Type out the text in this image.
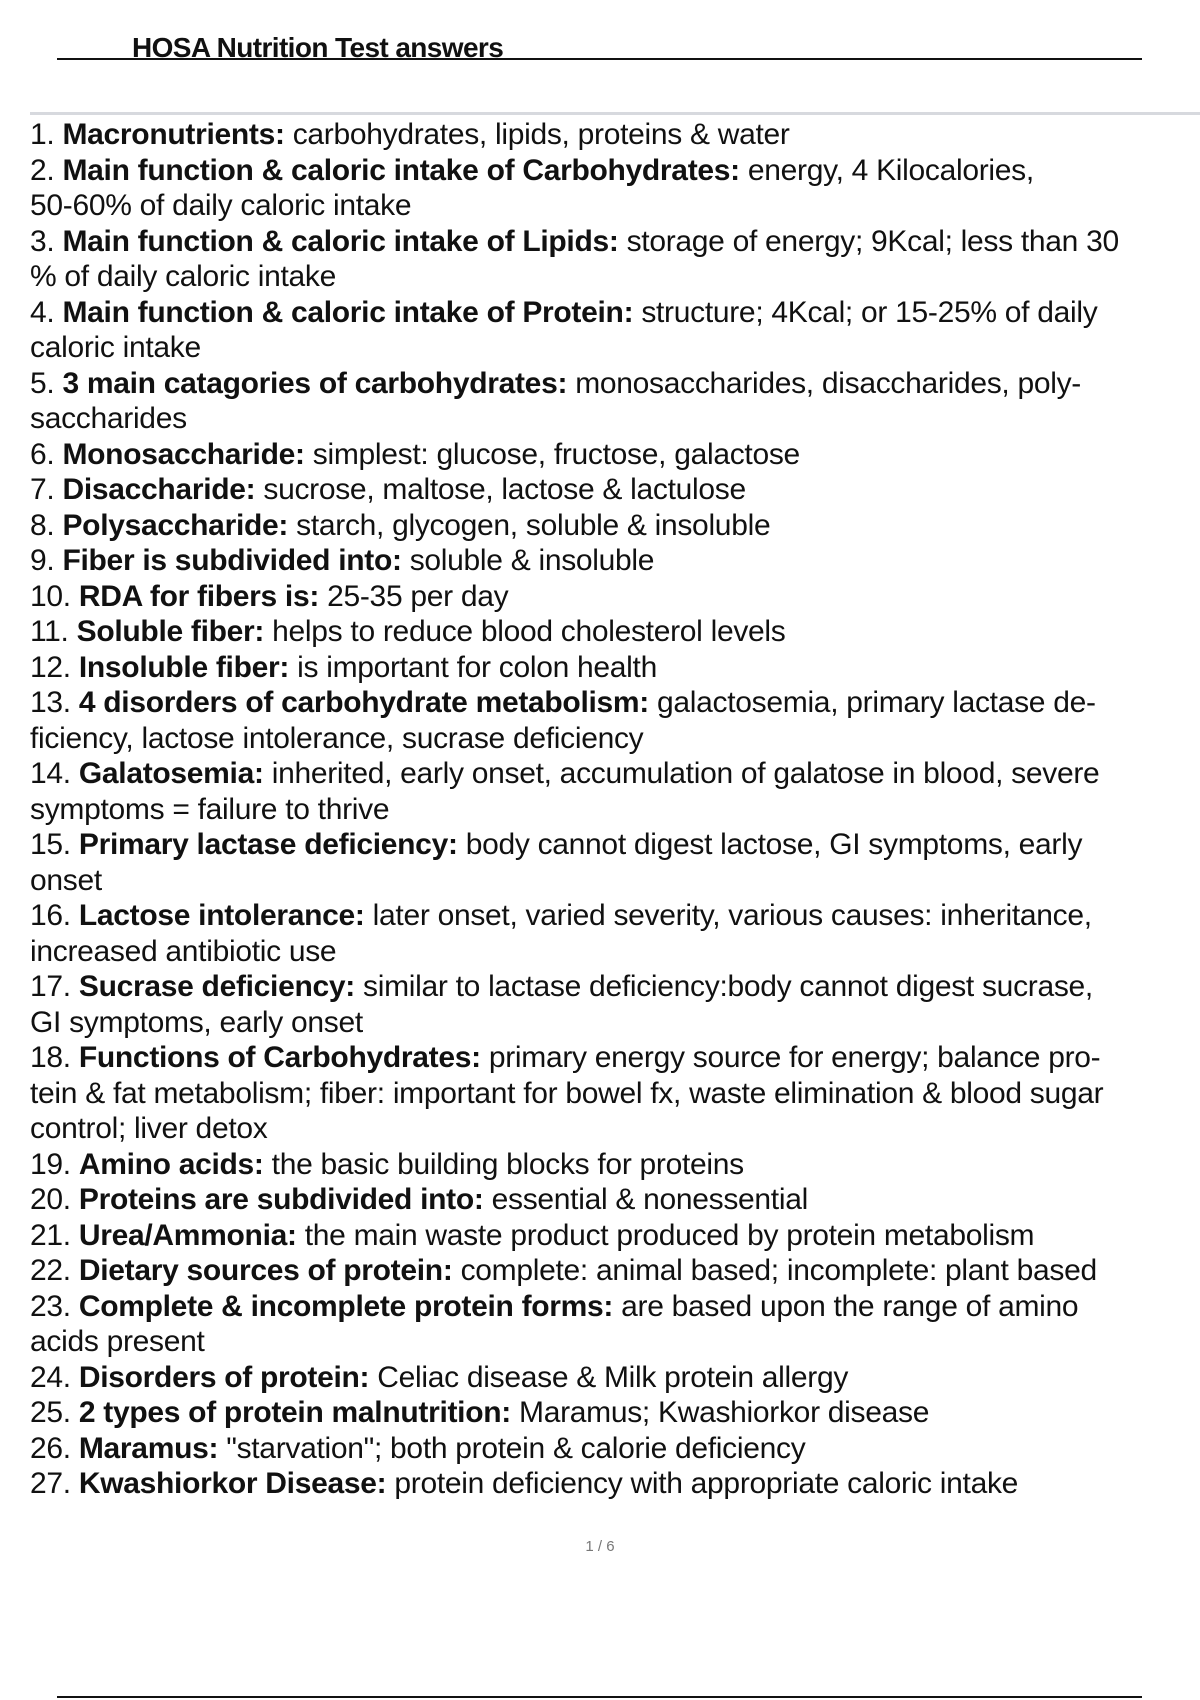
HOSA Nutrition Test answers
1. Macronutrients: carbohydrates, lipids, proteins & water
2. Main function & caloric intake of Carbohydrates: energy, 4 Kilocalories,
50-60% of daily caloric intake
3. Main function & caloric intake of Lipids: storage of energy; 9Kcal; less than 30
% of daily caloric intake
4. Main function & caloric intake of Protein: structure; 4Kcal; or 15-25% of daily
caloric intake
5. 3 main catagories of carbohydrates: monosaccharides, disaccharides, poly-
saccharides
6. Monosaccharide: simplest: glucose, fructose, galactose
7. Disaccharide: sucrose, maltose, lactose & lactulose
8. Polysaccharide: starch, glycogen, soluble & insoluble
9. Fiber is subdivided into: soluble & insoluble
10. RDA for fibers is: 25-35 per day
11. Soluble fiber: helps to reduce blood cholesterol levels
12. Insoluble fiber: is important for colon health
13. 4 disorders of carbohydrate metabolism: galactosemia, primary lactase de-
ficiency, lactose intolerance, sucrase deficiency
14. Galatosemia: inherited, early onset, accumulation of galatose in blood, severe
symptoms = failure to thrive
15. Primary lactase deficiency: body cannot digest lactose, GI symptoms, early
onset
16. Lactose intolerance: later onset, varied severity, various causes: inheritance,
increased antibiotic use
17. Sucrase deficiency: similar to lactase deficiency:body cannot digest sucrase,
GI symptoms, early onset
18. Functions of Carbohydrates: primary energy source for energy; balance pro-
tein & fat metabolism; fiber: important for bowel fx, waste elimination & blood sugar
control; liver detox
19. Amino acids: the basic building blocks for proteins
20. Proteins are subdivided into: essential & nonessential
21. Urea/Ammonia: the main waste product produced by protein metabolism
22. Dietary sources of protein: complete: animal based; incomplete: plant based
23. Complete & incomplete protein forms: are based upon the range of amino
acids present
24. Disorders of protein: Celiac disease & Milk protein allergy
25. 2 types of protein malnutrition: Maramus; Kwashiorkor disease
26. Maramus: "starvation"; both protein & calorie deficiency
27. Kwashiorkor Disease: protein deficiency with appropriate caloric intake
1 / 6
